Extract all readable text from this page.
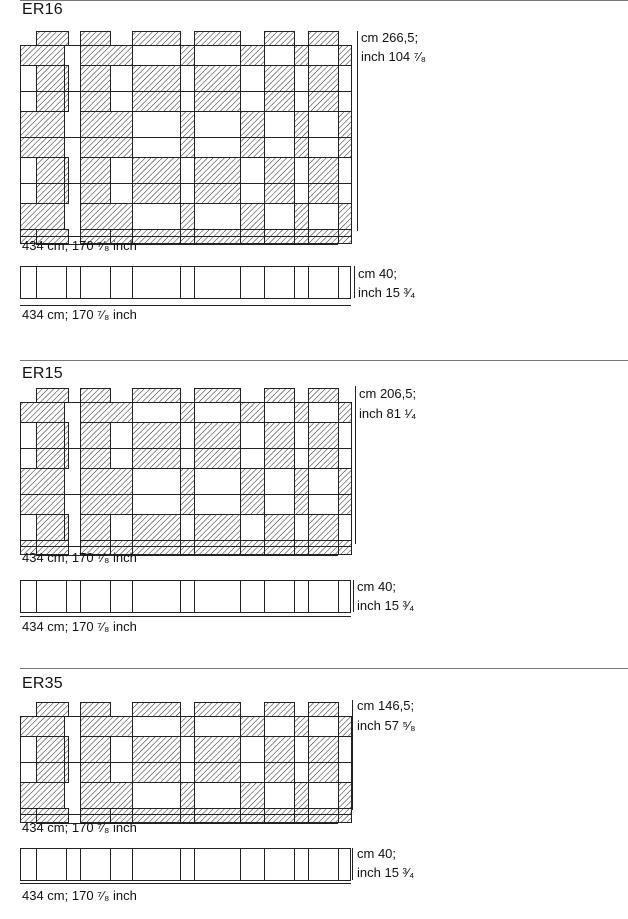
ER16
cm 266,5;
inch 104 ⁷⁄₈
434 cm; 170 ⁷⁄₈ inch
cm 40;
inch 15 ³⁄₄
434 cm; 170 ⁷⁄₈ inch
ER15
cm 206,5;
inch 81 ¹⁄₄
434 cm; 170 ⁷⁄₈ inch
cm 40;
inch 15 ³⁄₄
434 cm; 170 ⁷⁄₈ inch
ER35
cm 146,5;
inch 57 ⁵⁄₈
434 cm; 170 ⁷⁄₈ inch
cm 40;
inch 15 ³⁄₄
434 cm; 170 ⁷⁄₈ inch
